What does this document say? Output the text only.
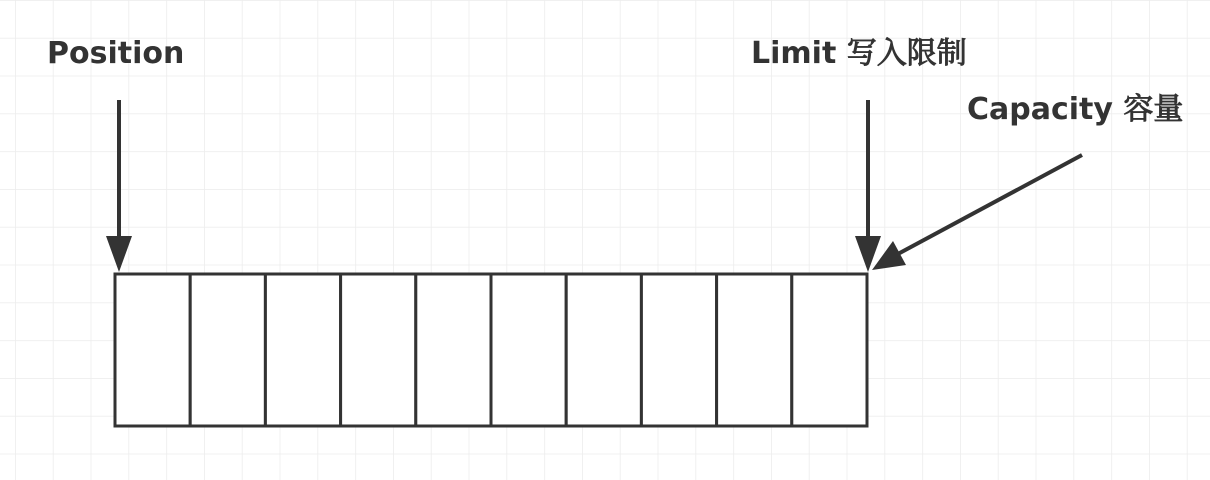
Position	Limit 写入限制
Capacity 容量
